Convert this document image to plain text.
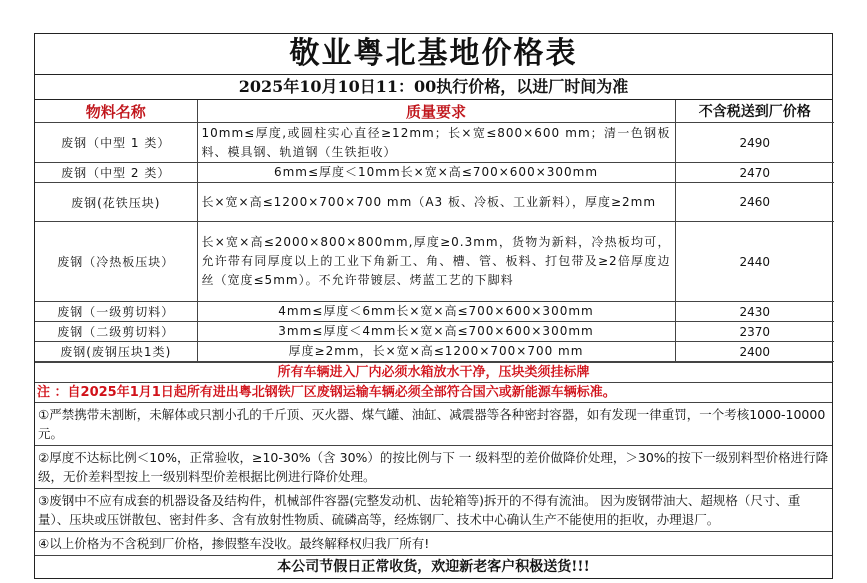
敬业粤北基地价格表
2025年10月10日11：00执行价格，以进厂时间为准
物料名称	质量要求	不含税送到厂价格
废钢（中型 1 类）	10mm≤厚度,或圆柱实心直径≥12mm；长×宽≤800×600 mm；清一色钢板料、模具钢、轨道钢（生铁拒收）	2490
废钢（中型 2 类）	6mm≤厚度＜10mm长×宽×高≤700×600×300mm	2470
废钢(花铁压块)	长×宽×高≤1200×700×700 mm（A3 板、冷板、工业新料），厚度≥2mm	2460
废钢（冷热板压块）	长×宽×高≤2000×800×800mm,厚度≥0.3mm，货物为新料，冷热板均可，允许带有同厚度以上的工业下角新工、角、槽、管、板料、打包带及≥2倍厚度边丝（宽度≤5mm）。不允许带镀层、烤蓝工艺的下脚料	2440
废钢（一级剪切料）	4mm≤厚度＜6mm长×宽×高≤700×600×300mm	2430
废钢（二级剪切料）	3mm≤厚度＜4mm长×宽×高≤700×600×300mm	2370
废钢(废钢压块1类)	厚度≥2mm，长×宽×高≤1200×700×700 mm	2400
所有车辆进入厂内必须水箱放水干净，压块类须挂标牌
注 ：自2025年1月1日起所有进出粤北钢铁厂区废钢运输车辆必须全部符合国六或新能源车辆标准。
①严禁携带未割断，未解体或只割小孔的千斤顶、灭火器、煤气罐、油缸、减震器等各种密封容器，如有发现一律重罚，一个考核1000-10000元。
②厚度不达标比例＜10%，正常验收，≥10-30%（含 30%）的按比例与下 一 级料型的差价做降价处理，＞30%的按下一级别料型价格进行降级，无价差料型按上一级别料型价差根据比例进行降价处理。
③废钢中不应有成套的机器设备及结构件，机械部件容器(完整发动机、齿轮箱等)拆开的不得有流油。 因为废钢带油大、超规格（尺寸、重量）、压块或压饼散包、密封件多、含有放射性物质、硫磷高等，经炼钢厂、技术中心确认生产不能使用的拒收，办理退厂。
④以上价格为不含税到厂价格，掺假整车没收。最终解释权归我厂所有!
本公司节假日正常收货，欢迎新老客户积极送货!!!
